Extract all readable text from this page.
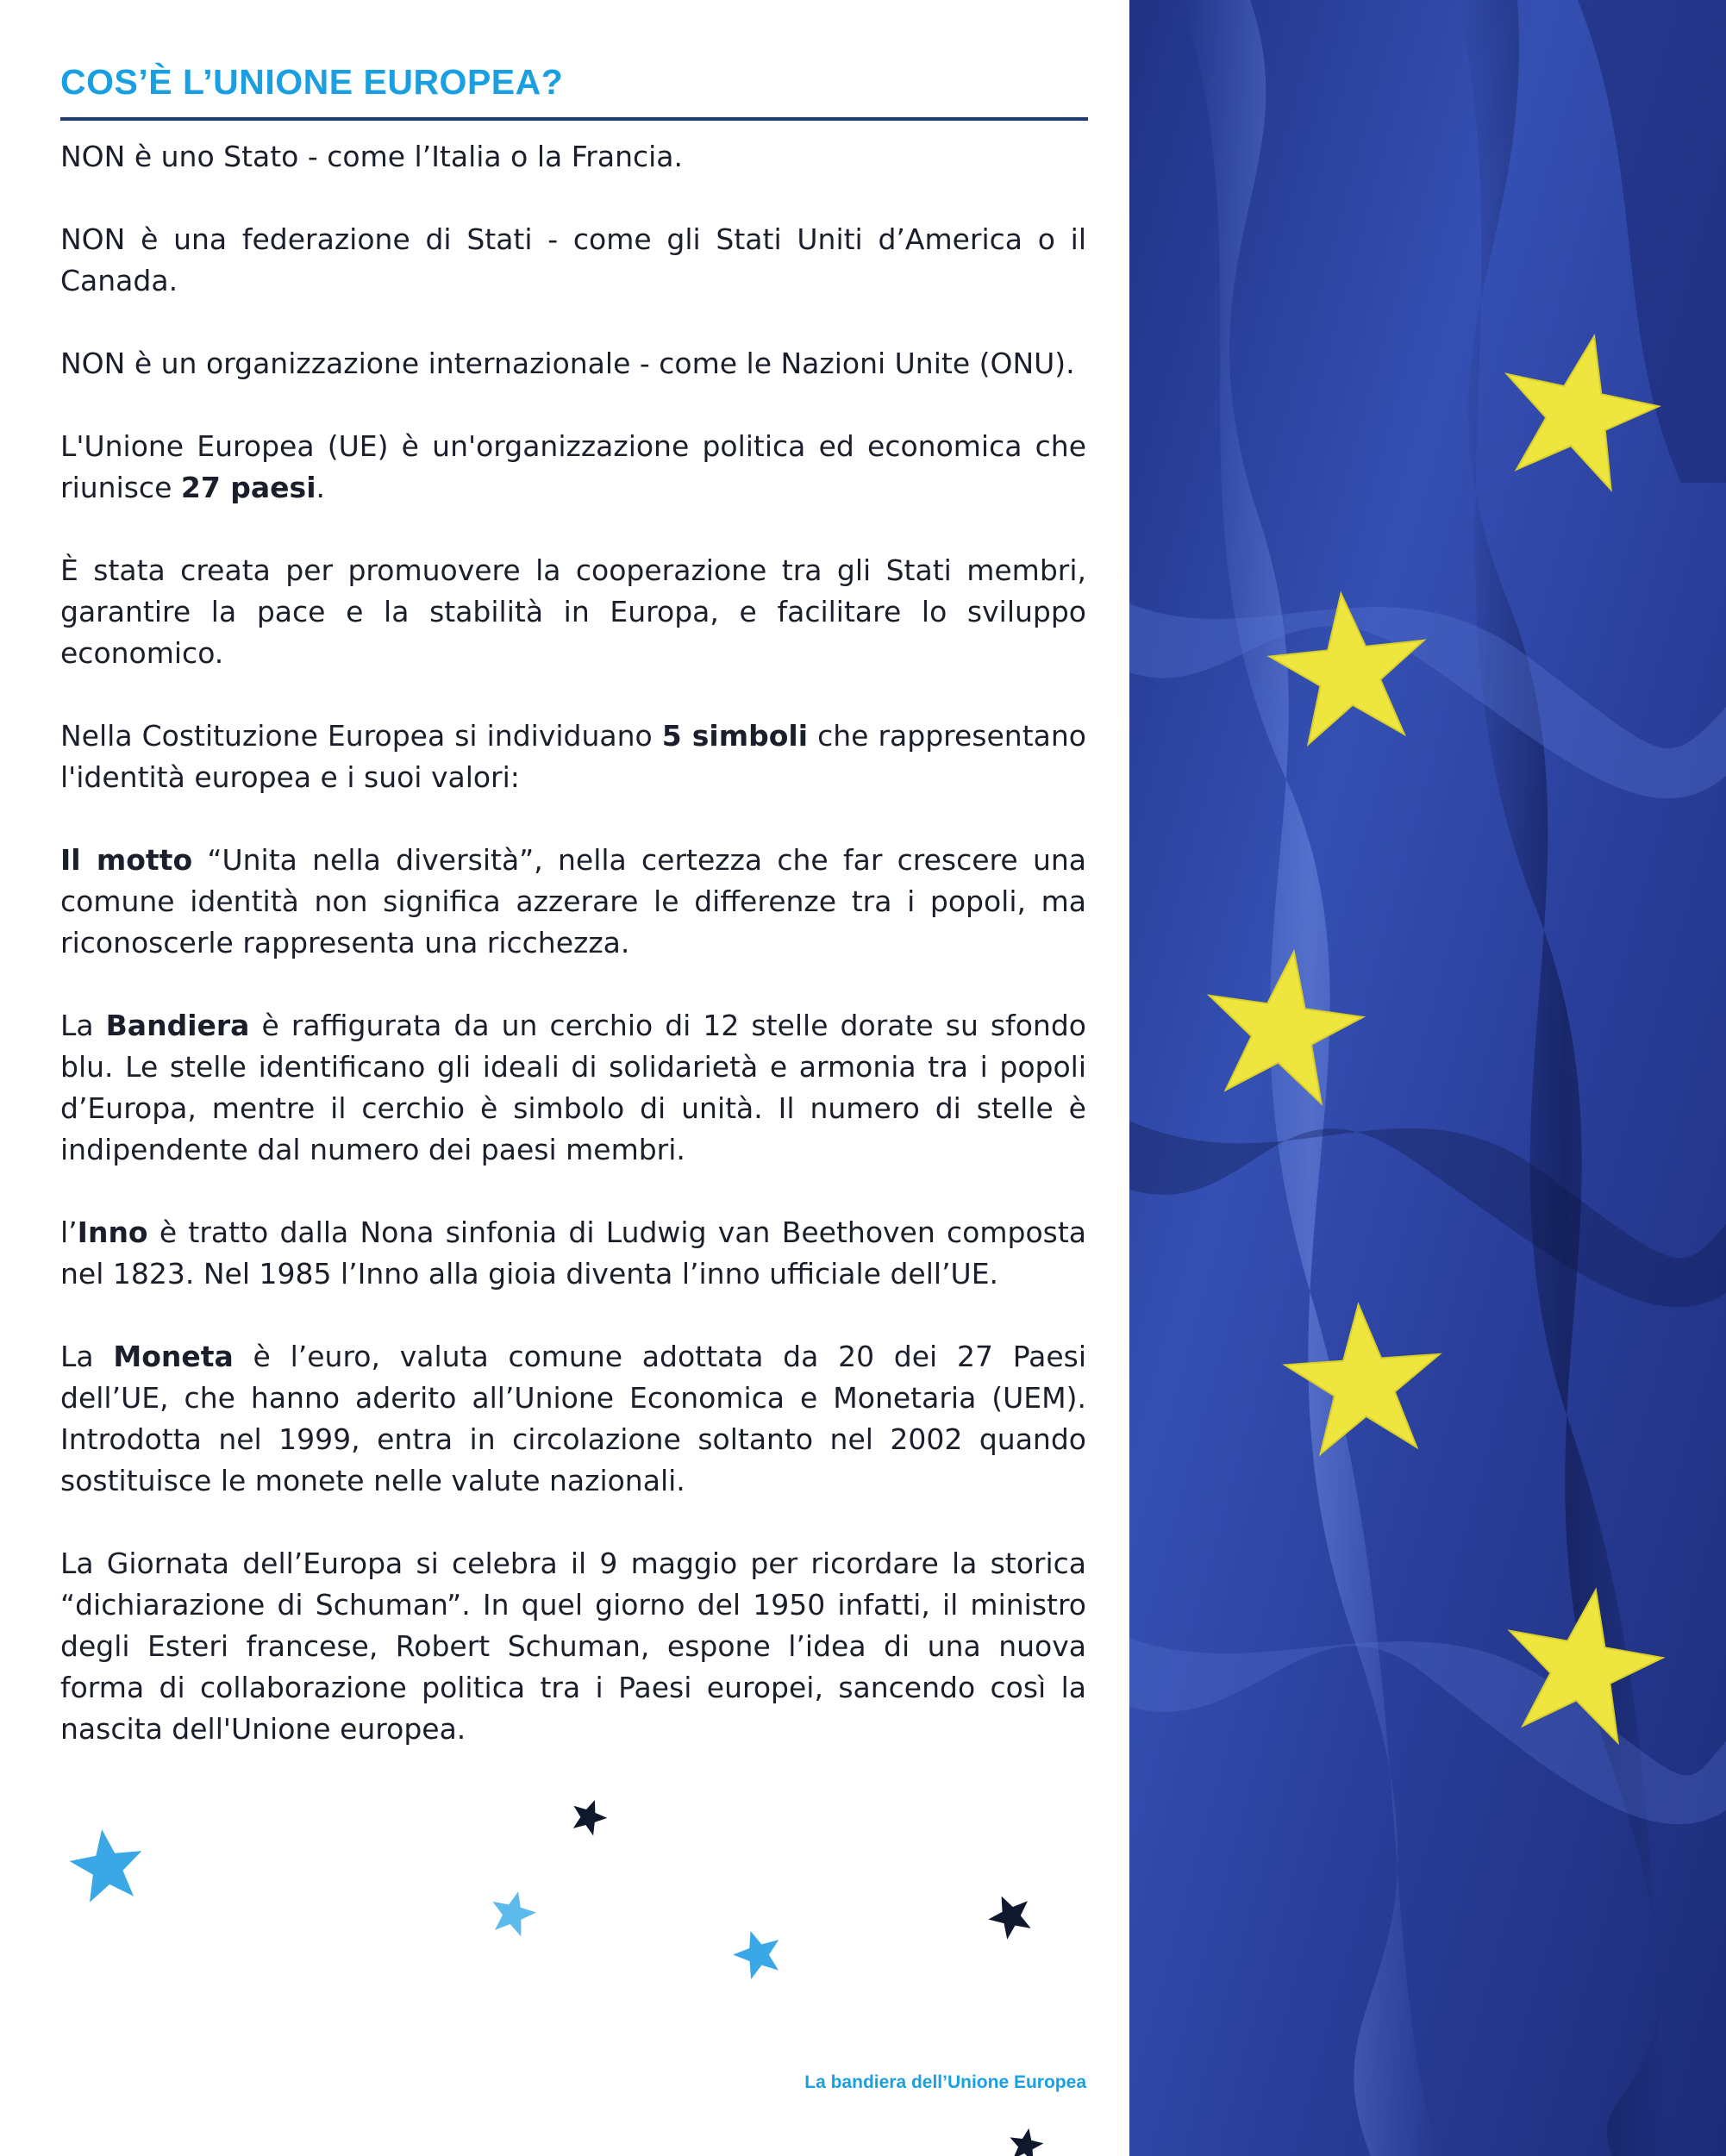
COS’È L’UNIONE EUROPEA?

NON è uno Stato - come l’Italia o la Francia.

NON è una federazione di Stati - come gli Stati Uniti d’America o il Canada.

NON è un organizzazione internazionale - come le Nazioni Unite (ONU).

L'Unione Europea (UE) è un'organizzazione politica ed economica che riunisce 27 paesi.

È stata creata per promuovere la cooperazione tra gli Stati membri, garantire la pace e la stabilità in Europa, e facilitare lo sviluppo economico.

Nella Costituzione Europea si individuano 5 simboli che rappresentano l'identità europea e i suoi valori:

Il motto “Unita nella diversità”, nella certezza che far crescere una comune identità non significa azzerare le differenze tra i popoli, ma riconoscerle rappresenta una ricchezza.

La Bandiera è raffigurata da un cerchio di 12 stelle dorate su sfondo blu. Le stelle identificano gli ideali di solidarietà e armonia tra i popoli d’Europa, mentre il cerchio è simbolo di unità. Il numero di stelle è indipendente dal numero dei paesi membri.

l’Inno è tratto dalla Nona sinfonia di Ludwig van Beethoven composta nel 1823. Nel 1985 l’Inno alla gioia diventa l’inno ufficiale dell’UE.

La Moneta è l’euro, valuta comune adottata da 20 dei 27 Paesi dell’UE, che hanno aderito all’Unione Economica e Monetaria (UEM). Introdotta nel 1999, entra in circolazione soltanto nel 2002 quando sostituisce le monete nelle valute nazionali.

La Giornata dell’Europa si celebra il 9 maggio per ricordare la storica “dichiarazione di Schuman”. In quel giorno del 1950 infatti, il ministro degli Esteri francese, Robert Schuman, espone l’idea di una nuova forma di collaborazione politica tra i Paesi europei, sancendo così la nascita dell'Unione europea.

La bandiera dell’Unione Europea
